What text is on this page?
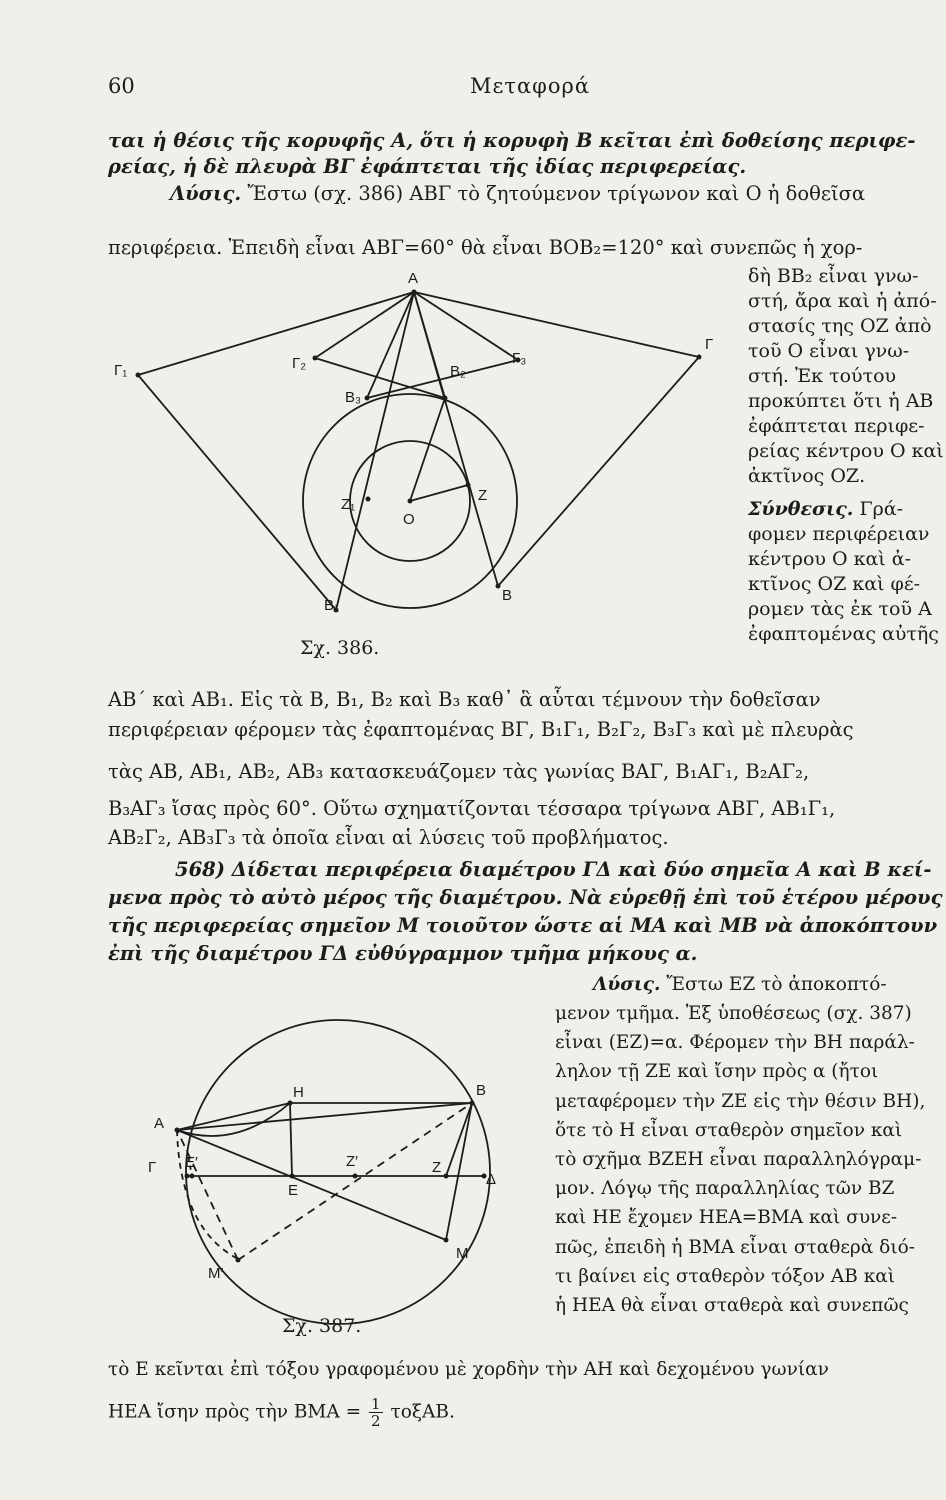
60	Μεταφορά
ται ἡ θέσις τῆς κορυφῆς Α, ὅτι ἡ κορυφὴ Β κεῖται ἐπὶ δοθείσης περιφε-
ρείας, ἡ δὲ πλευρὰ ΒΓ ἐφάπτεται τῆς ἰδίας περιφερείας.
Λύσις. Ἔστω (σχ. 386) ΑΒΓ τὸ ζητούμενον τρίγωνον καὶ Ο ἡ δοθεῖσα
περιφέρεια. Ἐπειδὴ εἶναι ΑΒΓ=60° θὰ εἶναι ΒΟΒ₂=120° καὶ συνεπῶς ἡ χορ-
δὴ ΒΒ₂ εἶναι γνω-
στή, ἄρα καὶ ἡ ἀπό-
στασίς της ΟΖ ἀπὸ
τοῦ Ο εἶναι γνω-
στή. Ἐκ τούτου
προκύπτει ὅτι ἡ ΑΒ
ἐφάπτεται περιφε-
ρείας κέντρου Ο καὶ
ἀκτῖνος ΟΖ.
Σύνθεσις. Γρά-
φομεν περιφέρειαν
κέντρου Ο καὶ ἀ-
κτῖνος ΟΖ καὶ φέ-
ρομεν τὰς ἐκ τοῦ Α
ἐφαπτομένας αὐτῆς
A
Γ₁
Γ
Γ₂	Γ₃
B₃
B₂
B₁
B
Z
Z₁
O
Σχ. 386.
ΑΒ΄ καὶ ΑΒ₁. Εἰς τὰ Β, Β₁, Β₂ καὶ Β₃ καθ᾽ ἃ αὗται τέμνουν τὴν δοθεῖσαν
περιφέρειαν φέρομεν τὰς ἐφαπτομένας ΒΓ, Β₁Γ₁, Β₂Γ₂, Β₃Γ₃ καὶ μὲ πλευρὰς
τὰς ΑΒ, ΑΒ₁, ΑΒ₂, ΑΒ₃ κατασκευάζομεν τὰς γωνίας ΒΑΓ, Β₁ΑΓ₁, Β₂ΑΓ₂,
Β₃ΑΓ₃ ἴσας πρὸς 60°. Οὕτω σχηματίζονται τέσσαρα τρίγωνα ΑΒΓ, ΑΒ₁Γ₁,
ΑΒ₂Γ₂, ΑΒ₃Γ₃ τὰ ὁποῖα εἶναι αἱ λύσεις τοῦ προβλήματος.
568) Δίδεται περιφέρεια διαμέτρου ΓΔ καὶ δύο σημεῖα Α καὶ Β κεί-
μενα πρὸς τὸ αὐτὸ μέρος τῆς διαμέτρου. Νὰ εὑρεθῇ ἐπὶ τοῦ ἑτέρου μέρους
τῆς περιφερείας σημεῖον Μ τοιοῦτον ὥστε αἱ ΜΑ καὶ ΜΒ νὰ ἀποκόπτουν
ἐπὶ τῆς διαμέτρου ΓΔ εὐθύγραμμον τμῆμα μήκους α.
Λύσις. Ἔστω ΕΖ τὸ ἀποκοπτό-
μενον τμῆμα. Ἐξ ὑποθέσεως (σχ. 387)
εἶναι (ΕΖ)=α. Φέρομεν τὴν ΒΗ παράλ-
ληλον τῇ ΖΕ καὶ ἴσην πρὸς α (ἤτοι
μεταφέρομεν τὴν ΖΕ εἰς τὴν θέσιν ΒΗ),
ὅτε τὸ Η εἶναι σταθερὸν σημεῖον καὶ
τὸ σχῆμα ΒΖΕΗ εἶναι παραλληλόγραμ-
μον. Λόγῳ τῆς παραλληλίας τῶν ΒΖ
καὶ ΗΕ ἔχομεν ΗΕΑ=ΒΜΑ καὶ συνε-
πῶς, ἐπειδὴ ἡ ΒΜΑ εἶναι σταθερὰ διό-
τι βαίνει εἰς σταθερὸν τόξον ΑΒ καὶ
ἡ ΗΕΑ θὰ εἶναι σταθερὰ καὶ συνεπῶς
A
B
H
Γ
Δ
E
E′	Z
Z′
M
M′
Σχ. 387.
τὸ Ε κεῖνται ἐπὶ τόξου γραφομένου μὲ χορδὴν τὴν ΑΗ καὶ δεχομένου γωνίαν
ΗΕΑ ἴσην πρὸς τὴν $BMA = \frac{1}{2} \tau o\xi AB$.
